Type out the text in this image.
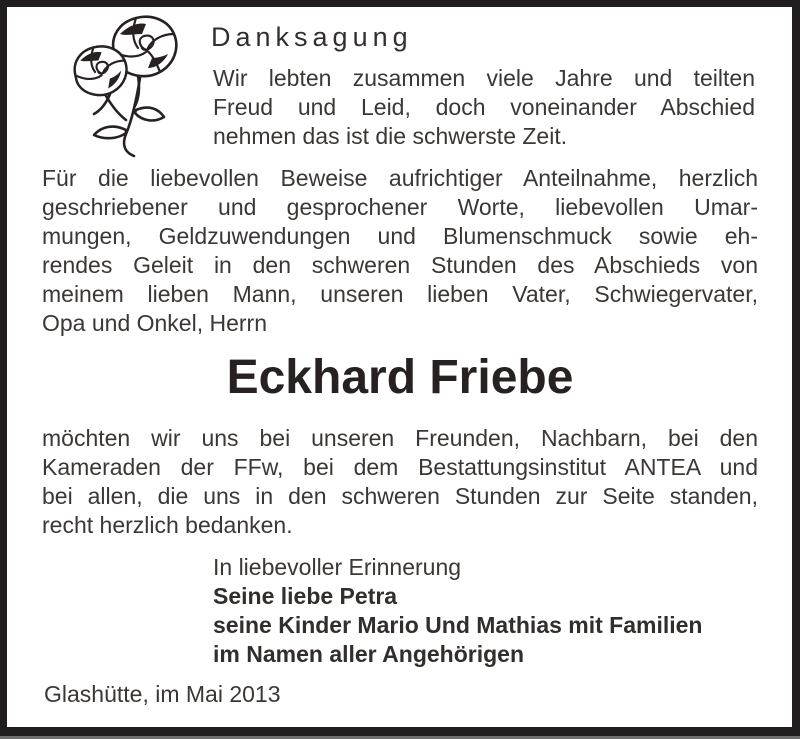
Danksagung
Wir lebten zusammen viele Jahre und teilten
Freud und Leid, doch voneinander Abschied
nehmen das ist die schwerste Zeit.
Für die liebevollen Beweise aufrichtiger Anteilnahme, herzlich
geschriebener und gesprochener Worte, liebevollen Umar-
mungen, Geldzuwendungen und Blumenschmuck sowie eh-
rendes Geleit in den schweren Stunden des Abschieds von
meinem lieben Mann, unseren lieben Vater, Schwiegervater,
Opa und Onkel, Herrn
Eckhard Friebe
möchten wir uns bei unseren Freunden, Nachbarn, bei den
Kameraden der FFw, bei dem Bestattungsinstitut ANTEA und
bei allen, die uns in den schweren Stunden zur Seite standen,
recht herzlich bedanken.
In liebevoller Erinnerung
Seine liebe Petra
seine Kinder Mario Und Mathias mit Familien
im Namen aller Angehörigen
Glashütte, im Mai 2013
